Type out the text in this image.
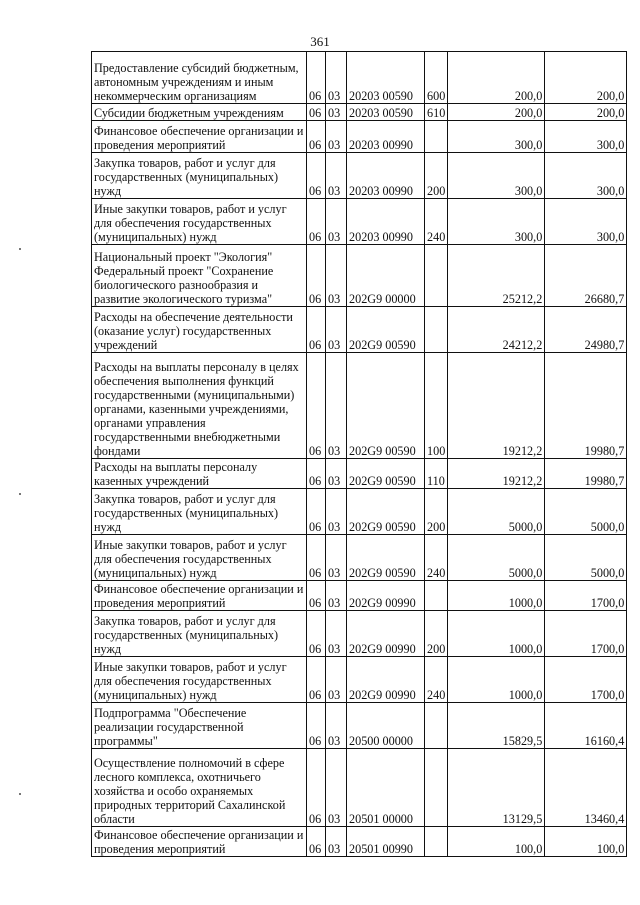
361
Предоставление субсидий бюджетным, автономным учреждениям и иным некоммерческим организациям	06	03	20203 00590	600	200,0	200,0
Субсидии бюджетным учреждениям	06	03	20203 00590	610	200,0	200,0
Финансовое обеспечение организации и проведения мероприятий	06	03	20203 00990		300,0	300,0
Закупка товаров, работ и услуг для государственных (муниципальных) нужд	06	03	20203 00990	200	300,0	300,0
Иные закупки товаров, работ и услуг для обеспечения государственных (муниципальных) нужд	06	03	20203 00990	240	300,0	300,0
Национальный проект "Экология" Федеральный проект "Сохранение биологического разнообразия и развитие экологического туризма"	06	03	202G9 00000		25212,2	26680,7
Расходы на обеспечение деятельности (оказание услуг) государственных учреждений	06	03	202G9 00590		24212,2	24980,7
Расходы на выплаты персоналу в целях обеспечения выполнения функций государственными (муниципальными) органами, казенными учреждениями, органами управления государственными внебюджетными фондами	06	03	202G9 00590	100	19212,2	19980,7
Расходы на выплаты персоналу казенных учреждений	06	03	202G9 00590	110	19212,2	19980,7
Закупка товаров, работ и услуг для государственных (муниципальных) нужд	06	03	202G9 00590	200	5000,0	5000,0
Иные закупки товаров, работ и услуг для обеспечения государственных (муниципальных) нужд	06	03	202G9 00590	240	5000,0	5000,0
Финансовое обеспечение организации и проведения мероприятий	06	03	202G9 00990		1000,0	1700,0
Закупка товаров, работ и услуг для государственных (муниципальных) нужд	06	03	202G9 00990	200	1000,0	1700,0
Иные закупки товаров, работ и услуг для обеспечения государственных (муниципальных) нужд	06	03	202G9 00990	240	1000,0	1700,0
Подпрограмма "Обеспечение реализации государственной программы"	06	03	20500 00000		15829,5	16160,4
Осуществление полномочий в сфере лесного комплекса, охотничьего хозяйства и особо охраняемых природных территорий Сахалинской области	06	03	20501 00000		13129,5	13460,4
Финансовое обеспечение организации и проведения мероприятий	06	03	20501 00990		100,0	100,0
